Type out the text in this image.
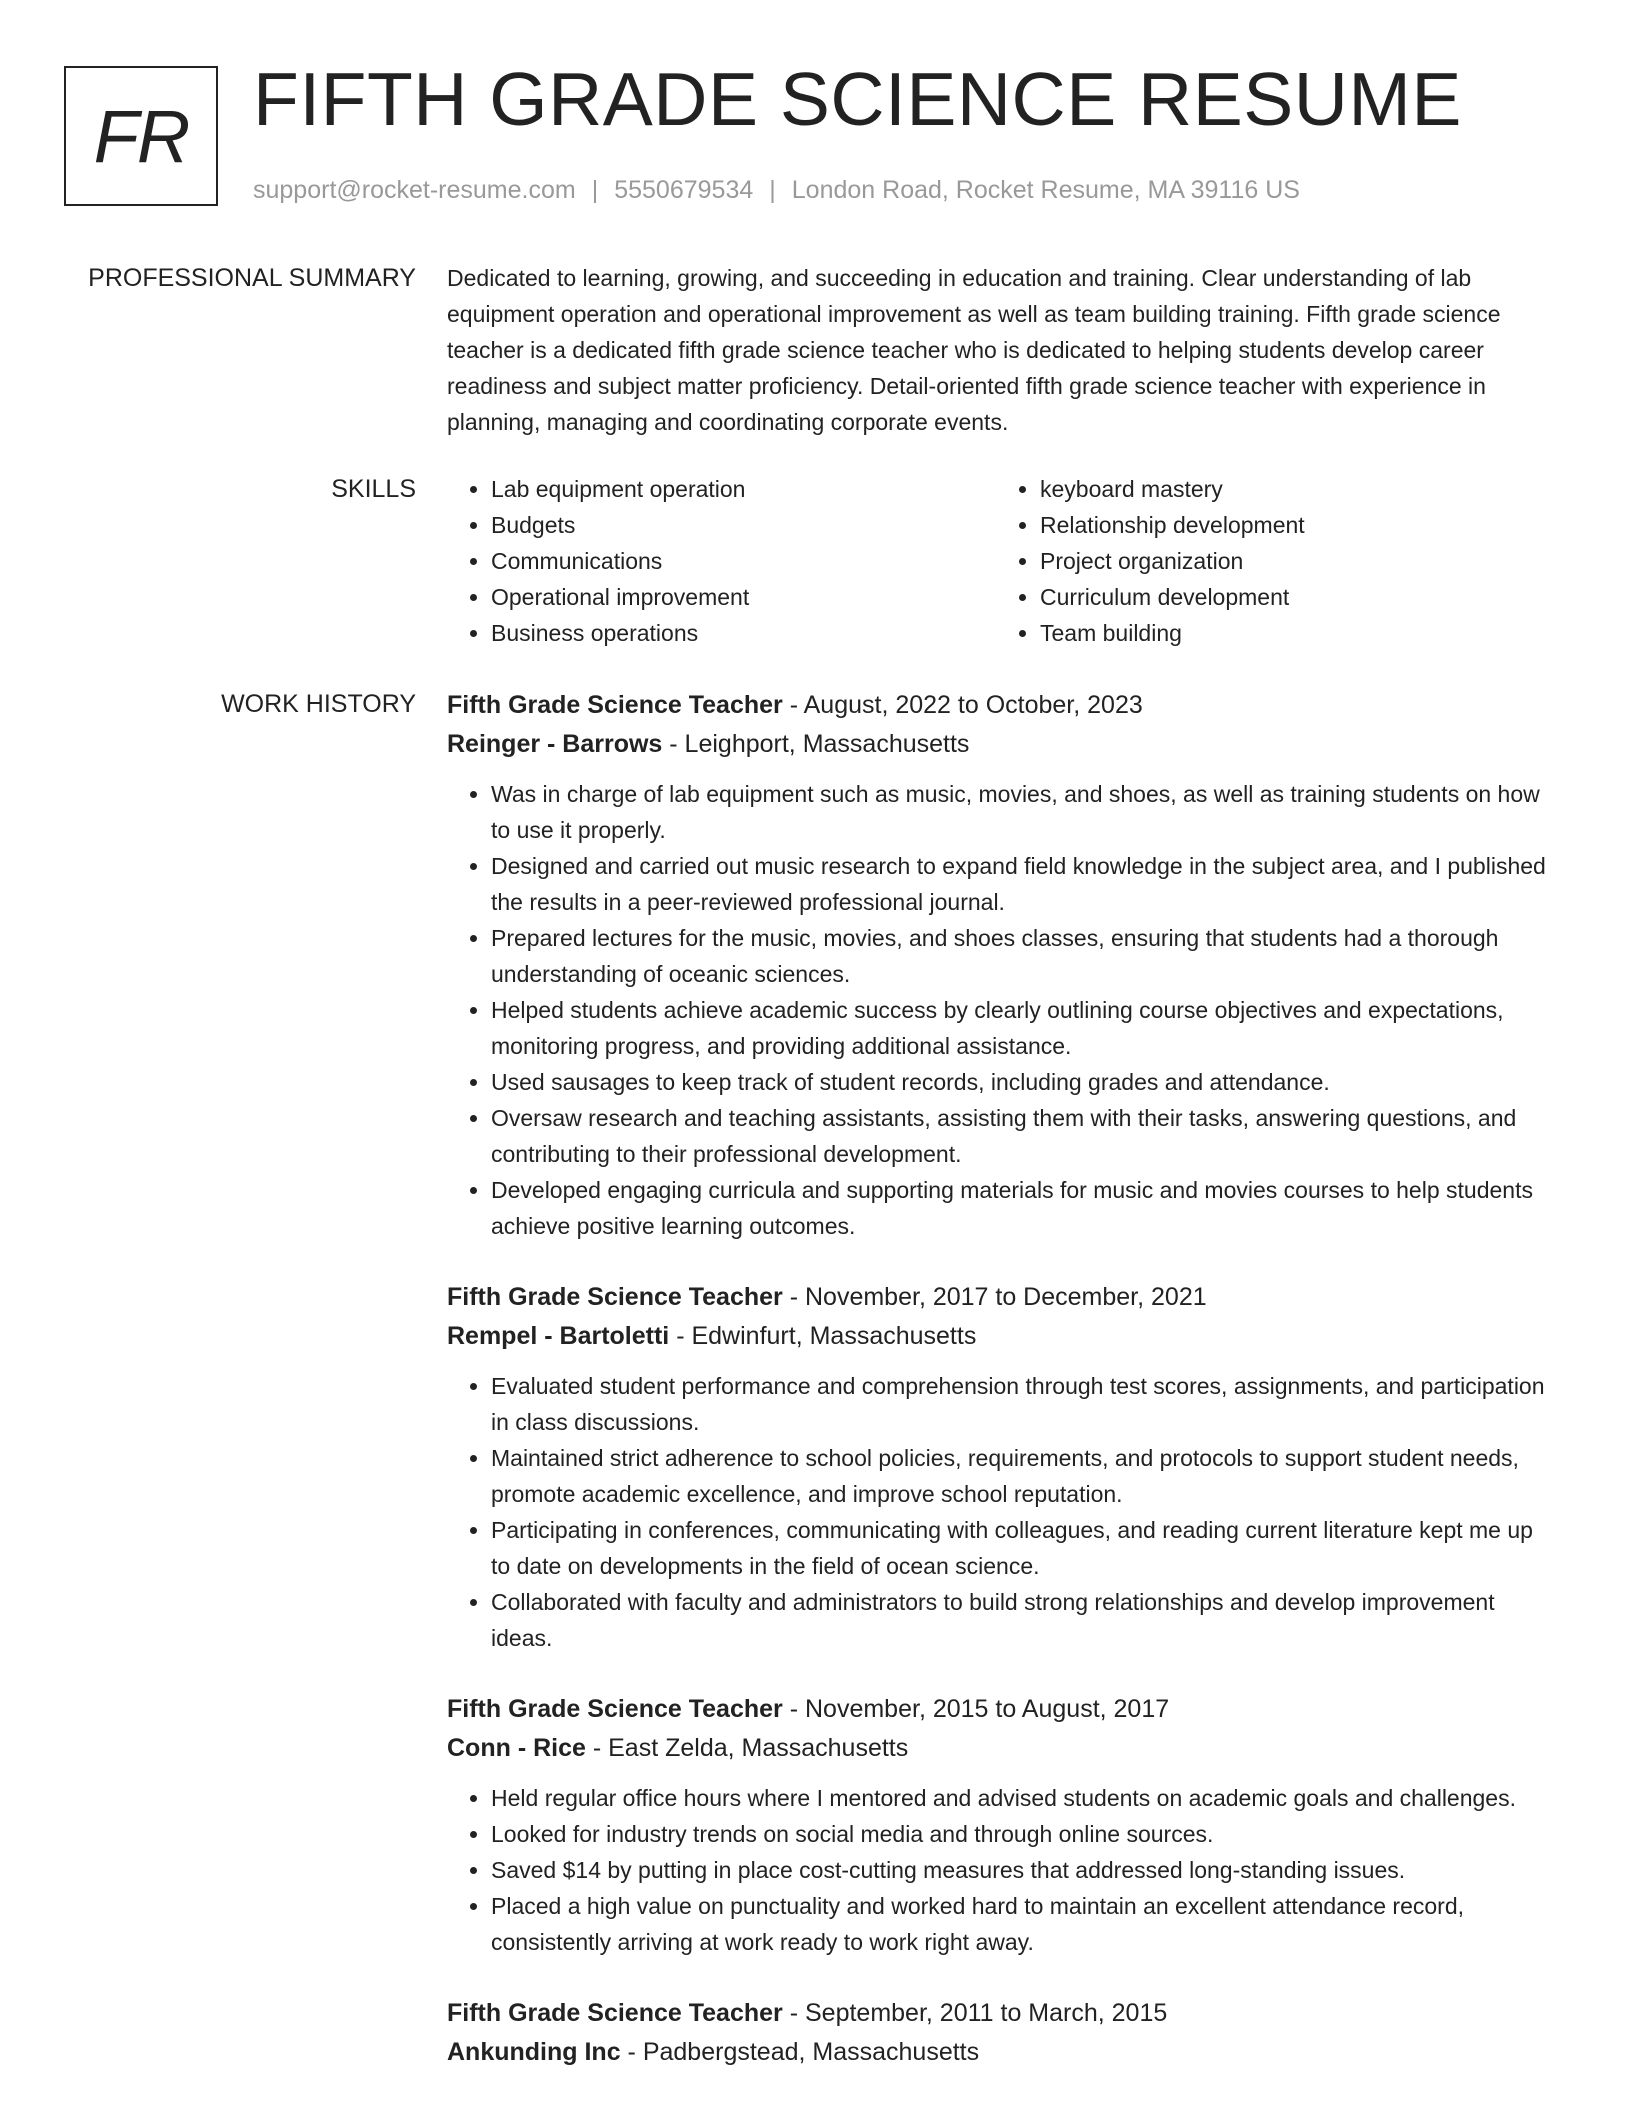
FR FIFTH GRADE SCIENCE RESUME
support@rocket-resume.com | 5550679534 | London Road, Rocket Resume, MA 39116 US
PROFESSIONAL SUMMARY Dedicated to learning, growing, and succeeding in education and training. Clear understanding of lab equipment operation and operational improvement as well as team building training. Fifth grade science teacher is a dedicated fifth grade science teacher who is dedicated to helping students develop career readiness and subject matter proficiency. Detail-oriented fifth grade science teacher with experience in planning, managing and coordinating corporate events.

SKILLS
•	Lab equipment operation
• Budgets
• Communications
• Operational improvement
• Business operations
• keyboard mastery
• Relationship development
• Project organization
• Curriculum development
• Team building
WORK HISTORY Fifth Grade Science Teacher - August, 2022 to October, 2023
Reinger - Barrows - Leighport, Massachusetts
• Was in charge of lab equipment such as music, movies, and shoes, as well as training students on how to use it properly.
• Designed and carried out music research to expand field knowledge in the subject area, and I published the results in a peer-reviewed professional journal.
• Prepared lectures for the music, movies, and shoes classes, ensuring that students had a thorough understanding of oceanic sciences.
• Helped students achieve academic success by clearly outlining course objectives and expectations, monitoring progress, and providing additional assistance.
• Used sausages to keep track of student records, including grades and attendance.
• Oversaw research and teaching assistants, assisting them with their tasks, answering questions, and contributing to their professional development.
• Developed engaging curricula and supporting materials for music and movies courses to help students achieve positive learning outcomes.
Fifth Grade Science Teacher - November, 2017 to December, 2021
Rempel - Bartoletti - Edwinfurt, Massachusetts
• Evaluated student performance and comprehension through test scores, assignments, and participation in class discussions.
• Maintained strict adherence to school policies, requirements, and protocols to support student needs, promote academic excellence, and improve school reputation.
• Participating in conferences, communicating with colleagues, and reading current literature kept me up to date on developments in the field of ocean science.
• Collaborated with faculty and administrators to build strong relationships and develop improvement ideas.
Fifth Grade Science Teacher - November, 2015 to August, 2017
Conn - Rice - East Zelda, Massachusetts
• Held regular office hours where I mentored and advised students on academic goals and challenges.
• Looked for industry trends on social media and through online sources.
• Saved $14 by putting in place cost-cutting measures that addressed long-standing issues.
• Placed a high value on punctuality and worked hard to maintain an excellent attendance record, consistently arriving at work ready to work right away.
Fifth Grade Science Teacher - September, 2011 to March, 2015
Ankunding Inc - Padbergstead, Massachusetts
